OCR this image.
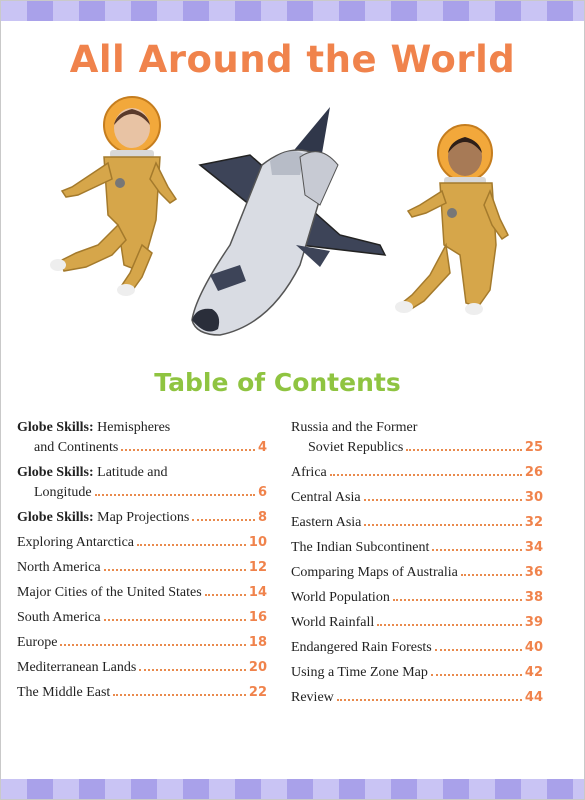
All Around the World
Table of Contents
Globe Skills: Hemispheres
and Continents	4
Globe Skills: Latitude and
Longitude	6
Globe Skills: Map Projections	8
Exploring Antarctica	10
North America	12
Major Cities of the United States	14
South America	16
Europe	18
Mediterranean Lands	20
The Middle East	22
Russia and the Former
Soviet Republics	25
Africa	26
Central Asia	30
Eastern Asia	32
The Indian Subcontinent	34
Comparing Maps of Australia	36
World Population	38
World Rainfall	39
Endangered Rain Forests	40
Using a Time Zone Map	42
Review	44
